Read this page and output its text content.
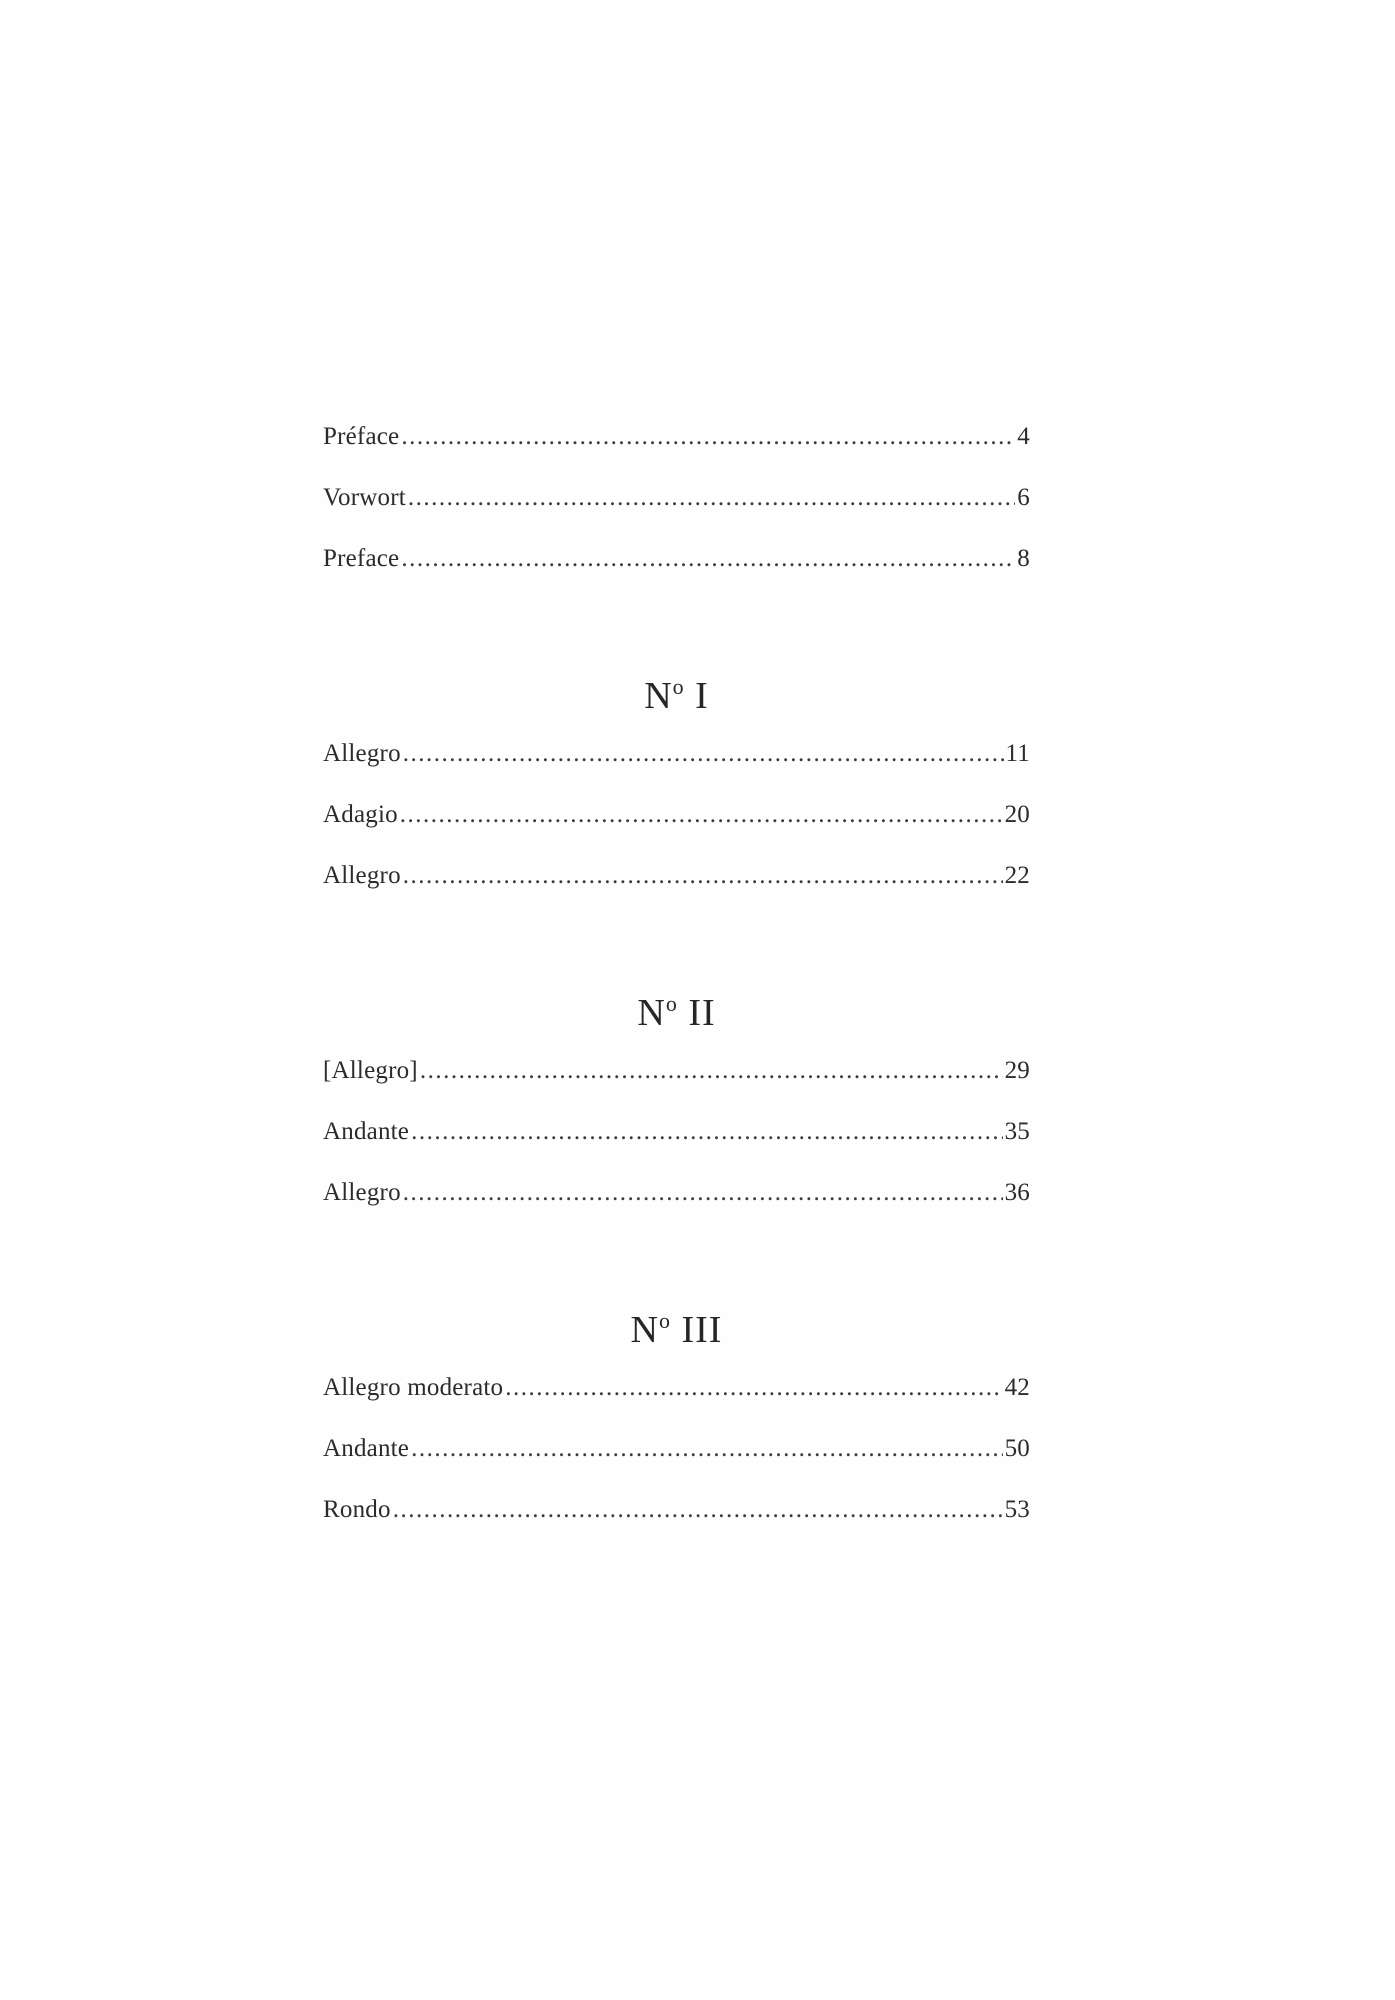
Préface .....	4
Vorwort .....	6
Preface .....	8
$N^o$ I
Allegro .....	11
Adagio .....	20
Allegro .....	22
$N^o$ II
[Allegro] .....	29
Andante .....	35
Allegro .....	36
$N^o$ III
Allegro moderato .....	42
Andante .....	50
Rondo .....	53
